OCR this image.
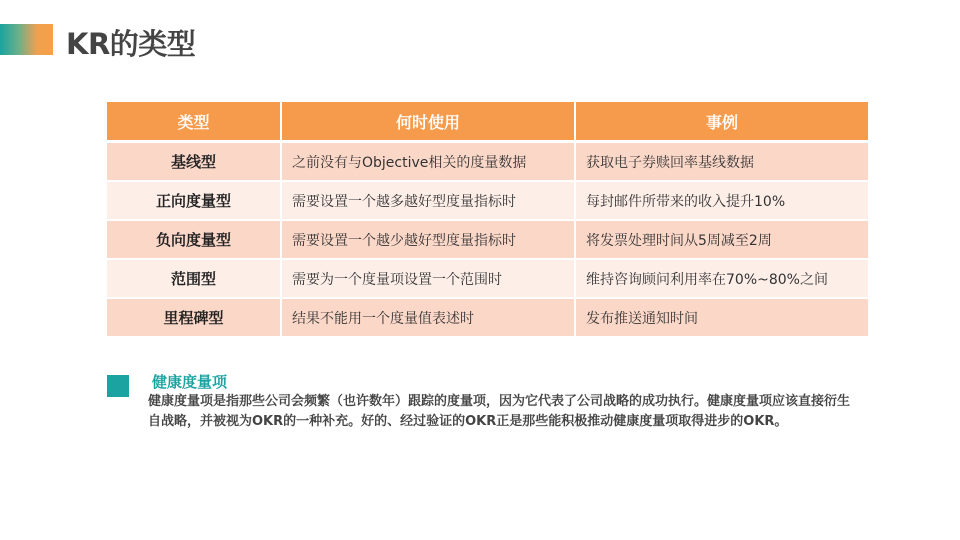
KR的类型
类型	何时使用	事例
基线型	之前没有与Objective相关的度量数据	获取电子券赎回率基线数据
正向度量型	需要设置一个越多越好型度量指标时	每封邮件所带来的收入提升10%
负向度量型	需要设置一个越少越好型度量指标时	将发票处理时间从5周减至2周
范围型	需要为一个度量项设置一个范围时	维持咨询顾问利用率在70%~80%之间
里程碑型	结果不能用一个度量值表述时	发布推送通知时间
健康度量项
健康度量项是指那些公司会频繁（也许数年）跟踪的度量项，因为它代表了公司战略的成功执行。健康度量项应该直接衍生自战略，并被视为OKR的一种补充。好的、经过验证的OKR正是那些能积极推动健康度量项取得进步的OKR。
